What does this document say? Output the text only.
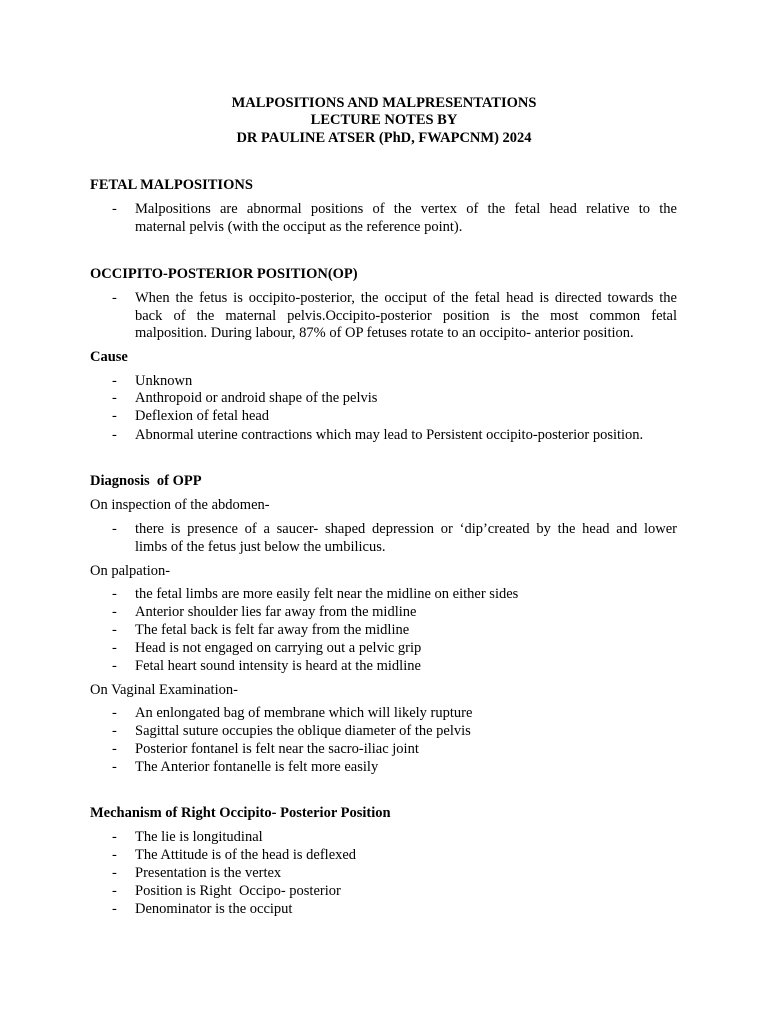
MALPOSITIONS AND MALPRESENTATIONS
LECTURE NOTES BY
DR PAULINE ATSER (PhD, FWAPCNM) 2024
FETAL MALPOSITIONS
- Malpositions are abnormal positions of the vertex of the fetal head relative to the
maternal pelvis (with the occiput as the reference point).
OCCIPITO-POSTERIOR POSITION(OP)
- When the fetus is occipito-posterior, the occiput of the fetal head is directed towards the
back of the maternal pelvis.Occipito-posterior position is the most common fetal
malposition. During labour, 87% of OP fetuses rotate to an occipito- anterior position.
Cause
- Unknown
- Anthropoid or android shape of the pelvis
- Deflexion of fetal head
- Abnormal uterine contractions which may lead to Persistent occipito-posterior position.
Diagnosis  of OPP
On inspection of the abdomen-
- there is presence of a saucer- shaped depression or ‘dip’created by the head and lower
limbs of the fetus just below the umbilicus.
On palpation-
- the fetal limbs are more easily felt near the midline on either sides
- Anterior shoulder lies far away from the midline
- The fetal back is felt far away from the midline
- Head is not engaged on carrying out a pelvic grip
- Fetal heart sound intensity is heard at the midline
On Vaginal Examination-
- An enlongated bag of membrane which will likely rupture
- Sagittal suture occupies the oblique diameter of the pelvis
- Posterior fontanel is felt near the sacro-iliac joint
- The Anterior fontanelle is felt more easily
Mechanism of Right Occipito- Posterior Position
- The lie is longitudinal
- The Attitude is of the head is deflexed
- Presentation is the vertex
- Position is Right  Occipo- posterior
- Denominator is the occiput
